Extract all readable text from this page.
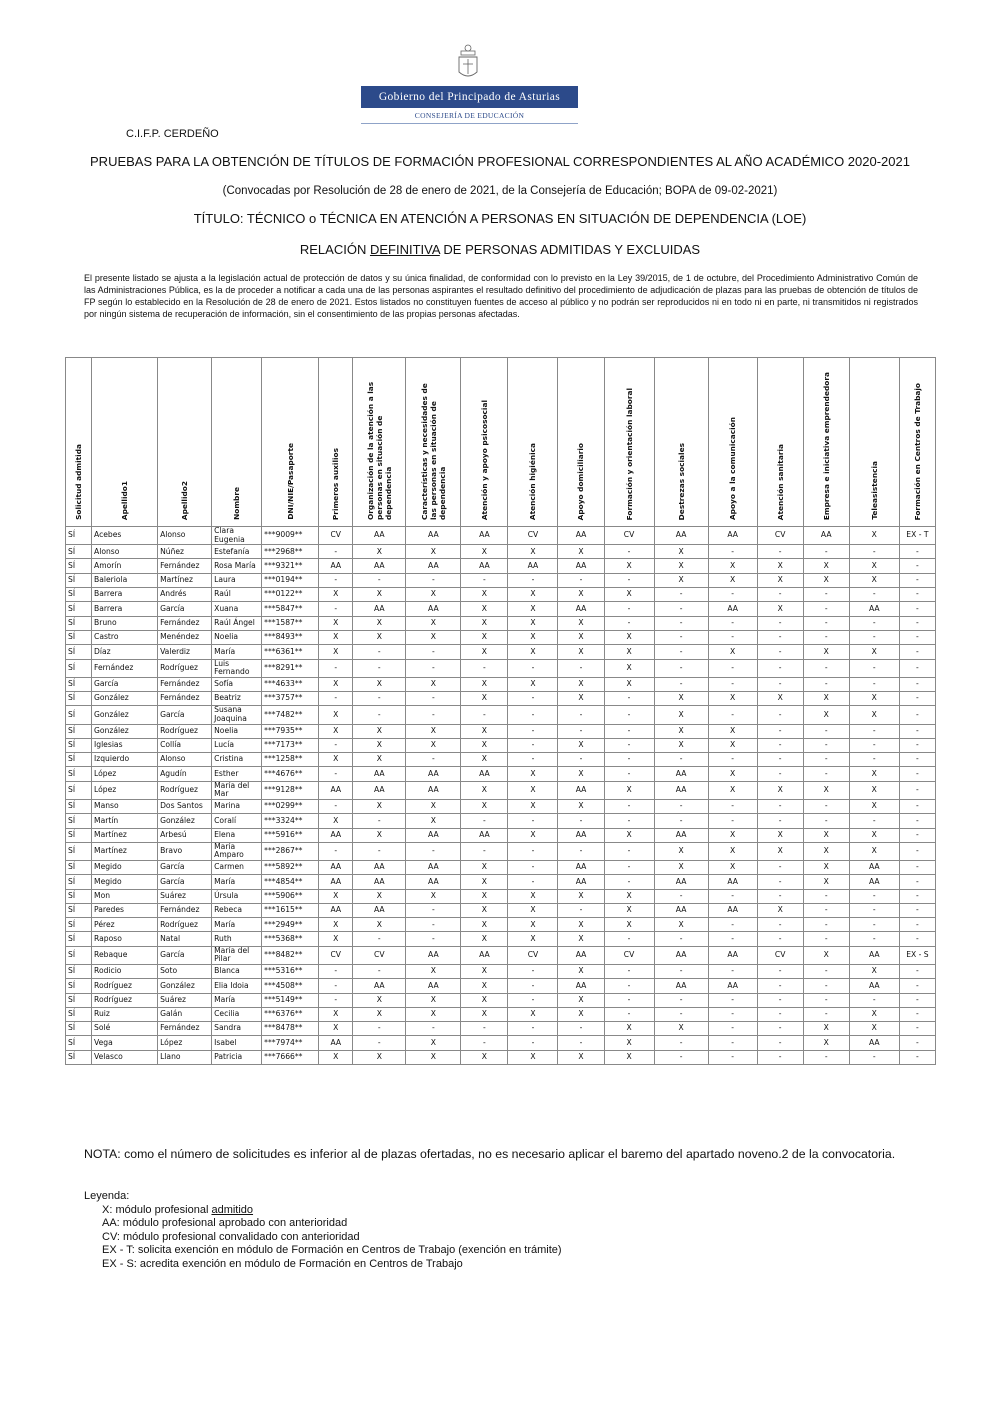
Gobierno del Principado de Asturias
CONSEJERÍA DE EDUCACIÓN
C.I.F.P. CERDEÑO
PRUEBAS PARA LA OBTENCIÓN DE TÍTULOS DE FORMACIÓN PROFESIONAL CORRESPONDIENTES AL AÑO ACADÉMICO 2020-2021
(Convocadas por Resolución de 28 de enero de 2021, de la Consejería de Educación; BOPA de 09-02-2021)
TÍTULO: TÉCNICO o TÉCNICA EN ATENCIÓN A PERSONAS EN SITUACIÓN DE DEPENDENCIA (LOE)
RELACIÓN DEFINITIVA DE PERSONAS ADMITIDAS Y EXCLUIDAS
El presente listado se ajusta a la legislación actual de protección de datos y su única finalidad, de conformidad con lo previsto en la Ley 39/2015, de 1 de octubre, del Procedimiento Administrativo Común de las Administraciones Pública, es la de proceder a notificar a cada una de las personas aspirantes el resultado definitivo del procedimiento de adjudicación de plazas para las pruebas de obtención de títulos de FP según lo establecido en la Resolución de 28 de enero de 2021. Estos listados no constituyen fuentes de acceso al público y no podrán ser reproducidos ni en todo ni en parte, ni transmitidos ni registrados por ningún sistema de recuperación de información, sin el consentimiento de las propias personas afectadas.
Solicitud admitida	Apellido1	Apellido2	Nombre	DNI/NIE/Pasaporte	Primeros auxilios	Organización de la atención a las personas en situación de dependencia	Características y necesidades de las personas en situación de dependencia	Atención y apoyo psicosocial	Atención higiénica	Apoyo domiciliario	Formación y orientación laboral	Destrezas sociales	Apoyo a la comunicación	Atención sanitaria	Empresa e iniciativa emprendedora	Teleasistencia	Formación en Centros de Trabajo

SÍ	Acebes	Alonso	Clara Eugenia	***9009**	CV	AA	AA	AA	CV	AA	CV	AA	AA	CV	AA	X	EX - T
SÍ	Alonso	Núñez	Estefanía	***2968**	-	X	X	X	X	X	-	X	-	-	-	-	-
SÍ	Amorín	Fernández	Rosa María	***9321**	AA	AA	AA	AA	AA	AA	X	X	X	X	X	X	-
SÍ	Baleriola	Martínez	Laura	***0194**	-	-	-	-	-	-	-	X	X	X	X	X	-
SÍ	Barrera	Andrés	Raúl	***0122**	X	X	X	X	X	X	X	-	-	-	-	-	-
SÍ	Barrera	García	Xuana	***5847**	-	AA	AA	X	X	AA	-	-	AA	X	-	AA	-
SÍ	Bruno	Fernández	Raúl Ángel	***1587**	X	X	X	X	X	X	-	-	-	-	-	-	-
SÍ	Castro	Menéndez	Noelia	***8493**	X	X	X	X	X	X	X	-	-	-	-	-	-
SÍ	Díaz	Valerdiz	María	***6361**	X	-	-	X	X	X	X	-	X	-	X	X	-
SÍ	Fernández	Rodríguez	Luis Fernando	***8291**	-	-	-	-	-	-	X	-	-	-	-	-	-
SÍ	García	Fernández	Sofía	***4633**	X	X	X	X	X	X	X	-	-	-	-	-	-
SÍ	González	Fernández	Beatriz	***3757**	-	-	-	X	-	X	-	X	X	X	X	X	-
SÍ	González	García	Susana Joaquina	***7482**	X	-	-	-	-	-	-	X	-	-	X	X	-
SÍ	González	Rodríguez	Noelia	***7935**	X	X	X	X	-	-	-	X	X	-	-	-	-
SÍ	Iglesias	Collía	Lucía	***7173**	-	X	X	X	-	X	-	X	X	-	-	-	-
SÍ	Izquierdo	Alonso	Cristina	***1258**	X	X	-	X	-	-	-	-	-	-	-	-	-
SÍ	López	Agudín	Esther	***4676**	-	AA	AA	AA	X	X	-	AA	X	-	-	X	-
SÍ	López	Rodríguez	María del Mar	***9128**	AA	AA	AA	X	X	AA	X	AA	X	X	X	X	-
SÍ	Manso	Dos Santos	Marina	***0299**	-	X	X	X	X	X	-	-	-	-	-	X	-
SÍ	Martín	González	Coralí	***3324**	X	-	X	-	-	-	-	-	-	-	-	-	-
SÍ	Martínez	Arbesú	Elena	***5916**	AA	X	AA	AA	X	AA	X	AA	X	X	X	X	-
SÍ	Martínez	Bravo	María Amparo	***2867**	-	-	-	-	-	-	-	X	X	X	X	X	-
SÍ	Megido	García	Carmen	***5892**	AA	AA	AA	X	-	AA	-	X	X	-	X	AA	-
SÍ	Megido	García	María	***4854**	AA	AA	AA	X	-	AA	-	AA	AA	-	X	AA	-
SÍ	Mon	Suárez	Úrsula	***5906**	X	X	X	X	X	X	X	-	-	-	-	-	-
SÍ	Paredes	Fernández	Rebeca	***1615**	AA	AA	-	X	X	-	X	AA	AA	X	-	-	-
SÍ	Pérez	Rodríguez	María	***2949**	X	X	-	X	X	X	X	X	-	-	-	-	-
SÍ	Raposo	Natal	Ruth	***5368**	X	-	-	X	X	X	-	-	-	-	-	-	-
SÍ	Rebaque	García	María del Pilar	***8482**	CV	CV	AA	AA	CV	AA	CV	AA	AA	CV	X	AA	EX - S
SÍ	Rodicio	Soto	Blanca	***5316**	-	-	X	X	-	X	-	-	-	-	-	X	-
SÍ	Rodríguez	González	Elia Idoia	***4508**	-	AA	AA	X	-	AA	-	AA	AA	-	-	AA	-
SÍ	Rodríguez	Suárez	María	***5149**	-	X	X	X	-	X	-	-	-	-	-	-	-
SÍ	Ruiz	Galán	Cecilia	***6376**	X	X	X	X	X	X	-	-	-	-	-	X	-
SÍ	Solé	Fernández	Sandra	***8478**	X	-	-	-	-	-	X	X	-	-	X	X	-
SÍ	Vega	López	Isabel	***7974**	AA	-	X	-	-	-	X	-	-	-	X	AA	-
SÍ	Velasco	Llano	Patricia	***7666**	X	X	X	X	X	X	X	-	-	-	-	-	-
NOTA: como el número de solicitudes es inferior al de plazas ofertadas, no es necesario aplicar el baremo del apartado noveno.2 de la convocatoria.
Leyenda:
X: módulo profesional admitido
AA: módulo profesional aprobado con anterioridad
CV: módulo profesional convalidado con anterioridad
EX - T: solicita exención en módulo de Formación en Centros de Trabajo (exención en trámite)
EX - S: acredita exención en módulo de Formación en Centros de Trabajo
